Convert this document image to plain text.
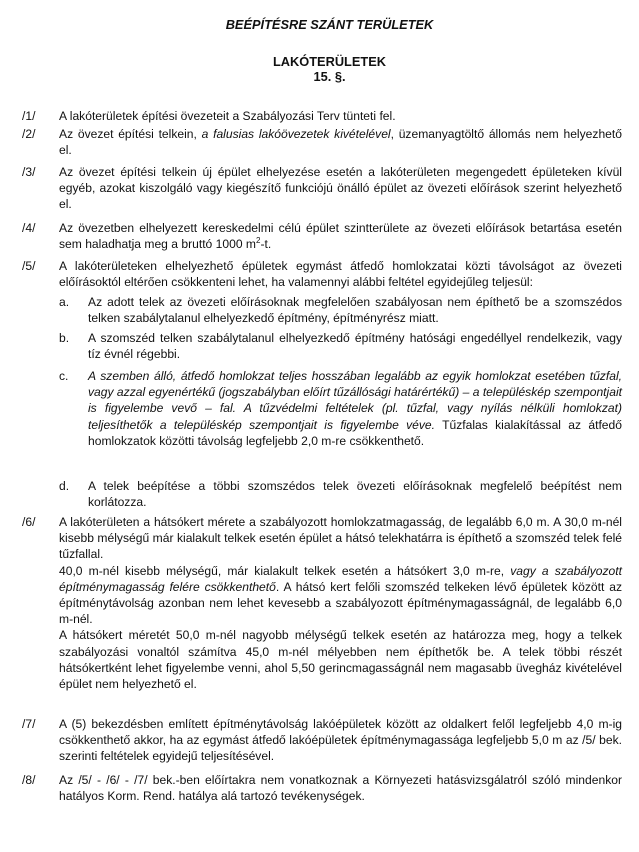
BEÉPÍTÉSRE SZÁNT TERÜLETEK
LAKÓTERÜLETEK
15. §.
/1/	A lakóterületek építési övezeteit a Szabályozási Terv tünteti fel.
/2/	Az övezet építési telkein, a falusias lakóövezetek kivételével, üzemanyagtöltő állomás nem helyezhető el.
/3/	Az övezet építési telkein új épület elhelyezése esetén a lakóterületen megengedett épületeken kívül egyéb, azokat kiszolgáló vagy kiegészítő funkciójú önálló épület az övezeti előírások szerint helyezhető el.
/4/	Az övezetben elhelyezett kereskedelmi célú épület szintterülete az övezeti előírások betartása esetén sem haladhatja meg a bruttó 1000 $m^2-t$.
/5/	A lakóterületeken elhelyezhető épületek egymást átfedő homlokzatai közti távolságot az övezeti előírásoktól eltérően csökkenteni lehet, ha valamennyi alábbi feltétel egyidejűleg teljesül:
a. Az adott telek az övezeti előírásoknak megfelelően szabályosan nem építhető be a szomszédos telken szabálytalanul elhelyezkedő építmény, építményrész miatt.
b. A szomszéd telken szabálytalanul elhelyezkedő építmény hatósági engedéllyel rendelkezik, vagy tíz évnél régebbi.
c. A szemben álló, átfedő homlokzat teljes hosszában legalább az egyik homlokzat esetében tűzfal, vagy azzal egyenértékű (jogszabályban előírt tűzállósági határértékű) – a településkép szempontjait is figyelembe vevő – fal. A tűzvédelmi feltételek (pl. tűzfal, vagy nyílás nélküli homlokzat) teljesíthetők a településkép szempontjait is figyelembe véve. Tűzfalas kialakítással az átfedő homlokzatok közötti távolság legfeljebb 2,0 m-re csökkenthető.
d. A telek beépítése a többi szomszédos telek övezeti előírásoknak megfelelő beépítést nem korlátozza.
/6/	A lakóterületen a hátsókert mérete a szabályozott homlokzatmagasság, de legalább 6,0 m. A 30,0 m-nél kisebb mélységű már kialakult telkek esetén épület a hátsó telekhatárra is építhető a szomszéd telek felé tűzfallal.
40,0 m-nél kisebb mélységű, már kialakult telkek esetén a hátsókert 3,0 m-re, vagy a szabályozott építménymagasság felére csökkenthető. A hátsó kert felőli szomszéd telkeken lévő épületek között az építménytávolság azonban nem lehet kevesebb a szabályozott építménymagasságnál, de legalább 6,0 m-nél.
A hátsókert méretét 50,0 m-nél nagyobb mélységű telkek esetén az határozza meg, hogy a telkek szabályozási vonaltól számítva 45,0 m-nél mélyebben nem építhetők be. A telek többi részét hátsókertként lehet figyelembe venni, ahol 5,50 gerincmagasságnál nem magasabb üvegház kivételével épület nem helyezhető el.
/7/	A (5) bekezdésben említett építménytávolság lakóépületek között az oldalkert felől legfeljebb 4,0 m-ig csökkenthető akkor, ha az egymást átfedő lakóépületek építménymagassága legfeljebb 5,0 m az /5/ bek. szerinti feltételek egyidejű teljesítésével.
/8/	Az /5/ - /6/ - /7/ bek.-ben előírtakra nem vonatkoznak a Környezeti hatásvizsgálatról szóló mindenkor hatályos Korm. Rend. hatálya alá tartozó tevékenységek.
